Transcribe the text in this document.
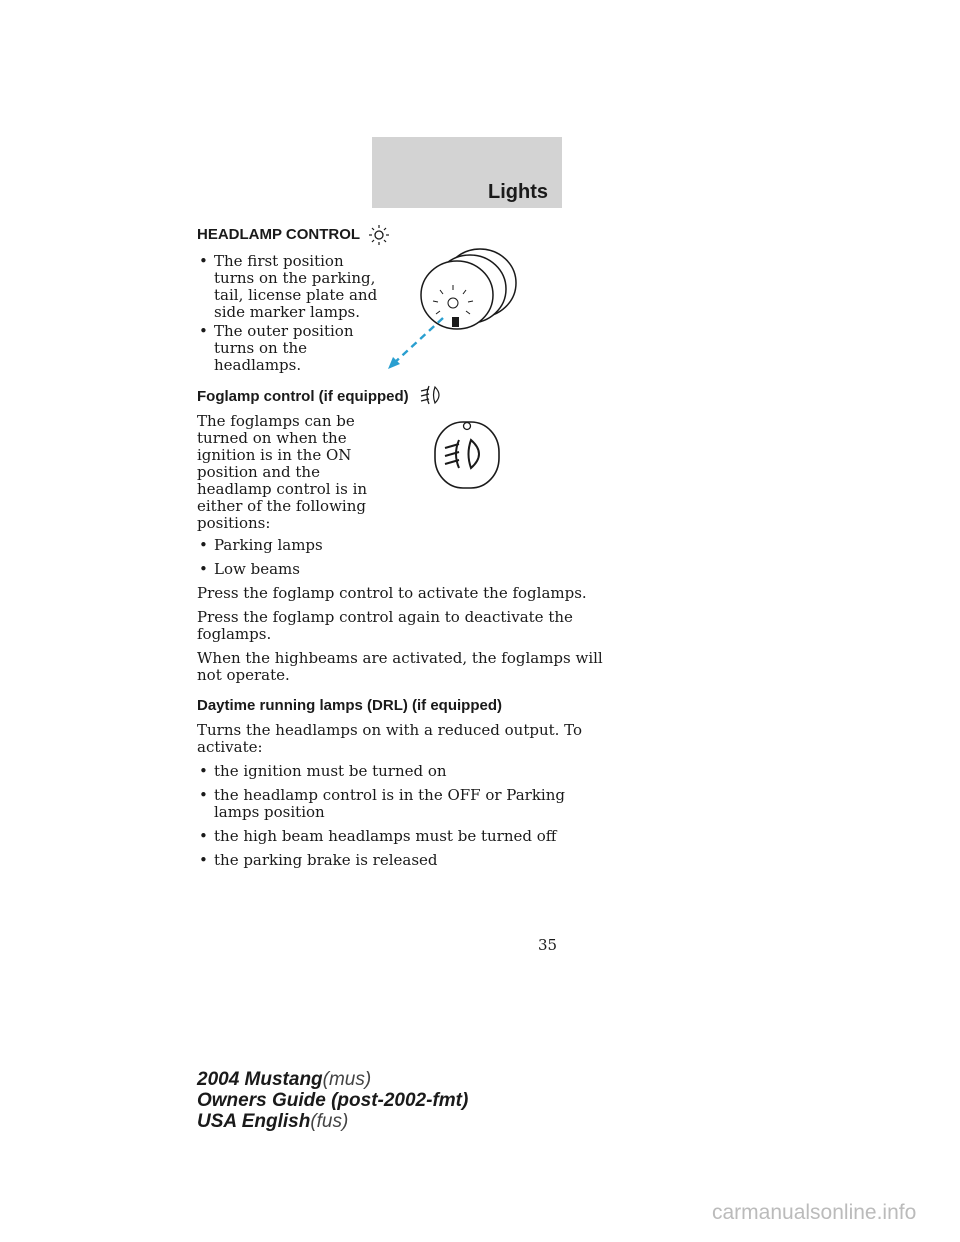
Lights
HEADLAMP CONTROL
• The first position
turns on the parking,
tail, license plate and
side marker lamps.
• The outer position
turns on the
headlamps.
Foglamp control (if equipped)
The foglamps can be
turned on when the
ignition is in the ON
position and the
headlamp control is in
either of the following
positions:
• Parking lamps
• Low beams
Press the foglamp control to activate the foglamps.
Press the foglamp control again to deactivate the
foglamps.
When the highbeams are activated, the foglamps will
not operate.
Daytime running lamps (DRL) (if equipped)
Turns the headlamps on with a reduced output. To
activate:
• the ignition must be turned on
• the headlamp control is in the OFF or Parking
lamps position
• the high beam headlamps must be turned off
• the parking brake is released
35
2004 Mustang(mus)
Owners Guide (post-2002-fmt)
USA English(fus)
carmanualsonline.info
